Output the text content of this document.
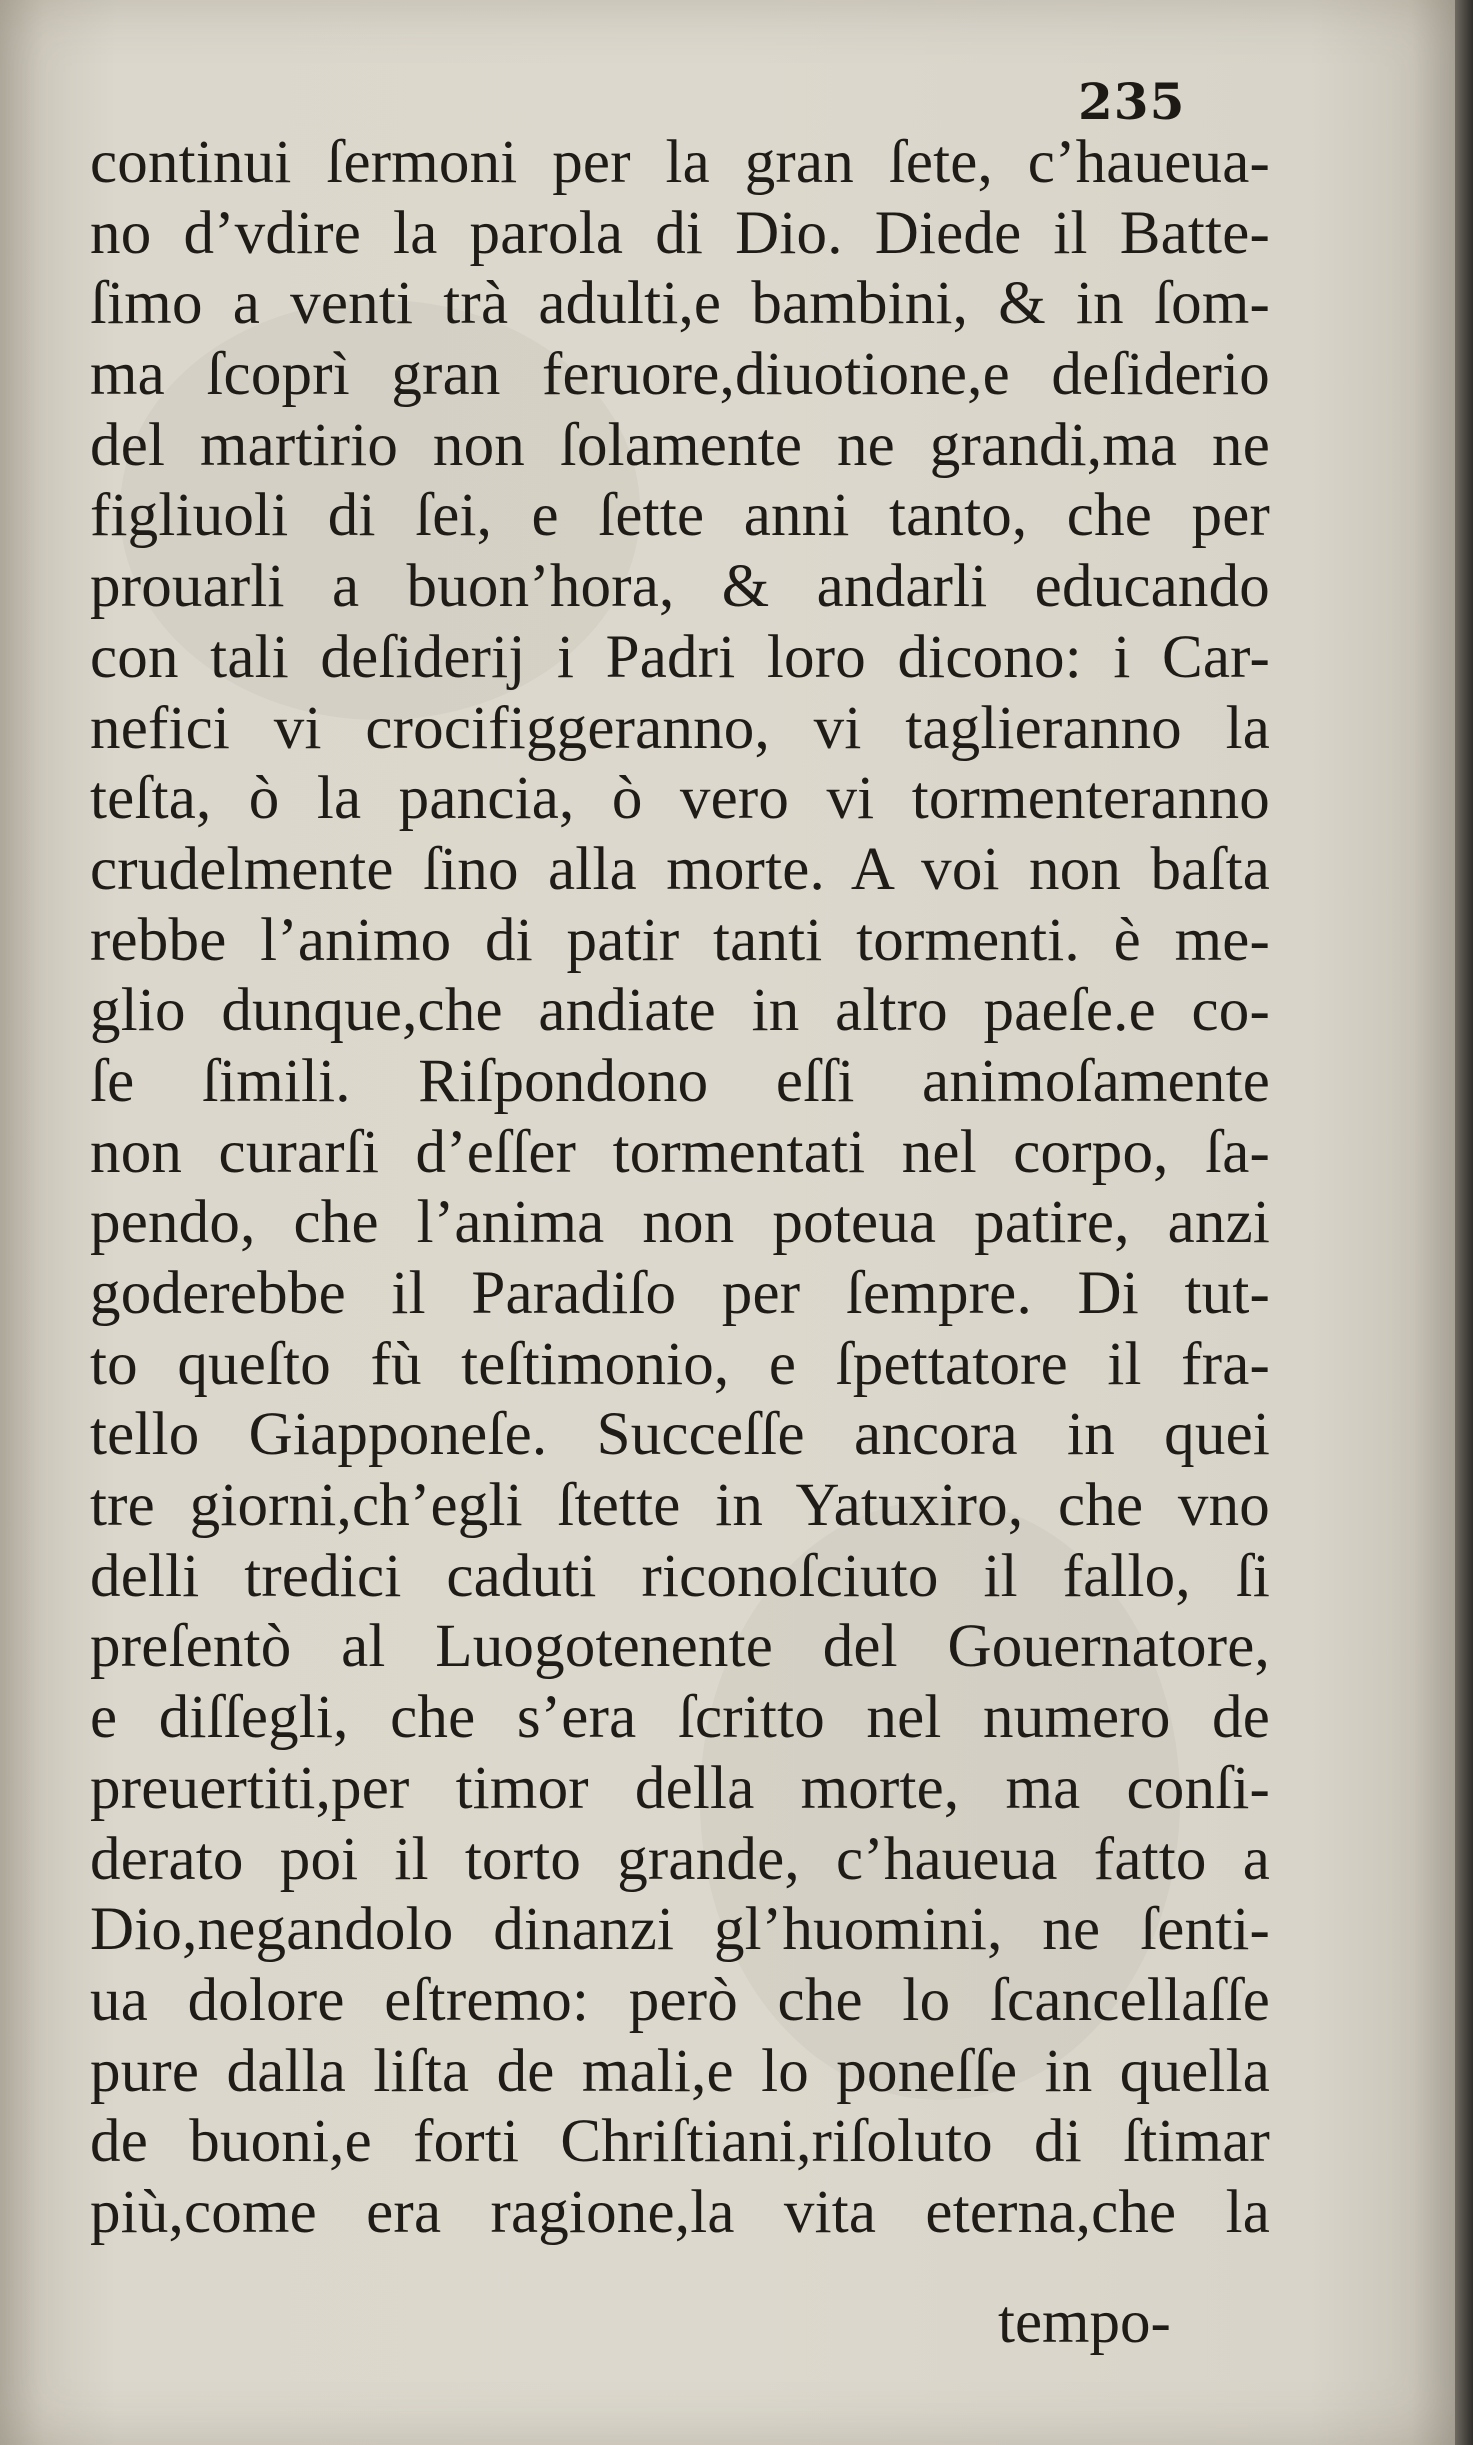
235
continui ſermoni per la gran ſete, c’haueua-
no d’vdire la parola di Dio. Diede il Batte-
ſimo a venti trà adulti,e bambini, & in ſom-
ma ſcoprì gran feruore,diuotione,e deſiderio
del martirio non ſolamente ne grandi,ma ne
figliuoli di ſei, e ſette anni tanto, che per
prouarli a buon’hora, & andarli educando
con tali deſiderij i Padri loro dicono: i Car-
nefici vi crocifiggeranno, vi taglieranno la
teſta, ò la pancia, ò vero vi tormenteranno
crudelmente ſino alla morte. A voi non baſta
rebbe l’animo di patir tanti tormenti. è me-
glio dunque,che andiate in altro paeſe.e co-
ſe ſimili. Riſpondono eſſi animoſamente
non curarſi d’eſſer tormentati nel corpo, ſa-
pendo, che l’anima non poteua patire, anzi
goderebbe il Paradiſo per ſempre. Di tut-
to queſto fù teſtimonio, e ſpettatore il fra-
tello Giapponeſe. Succeſſe ancora in quei
tre giorni,ch’egli ſtette in Yatuxiro, che vno
delli tredici caduti riconoſciuto il fallo, ſi
preſentò al Luogotenente del Gouernatore,
e diſſegli, che s’era ſcritto nel numero de
preuertiti,per timor della morte, ma conſi-
derato poi il torto grande, c’haueua fatto a
Dio,negandolo dinanzi gl’huomini, ne ſenti-
ua dolore eſtremo: però che lo ſcancellaſſe
pure dalla liſta de mali,e lo poneſſe in quella
de buoni,e forti Chriſtiani,riſoluto di ſtimar
più,come era ragione,la vita eterna,che la
tempo-
